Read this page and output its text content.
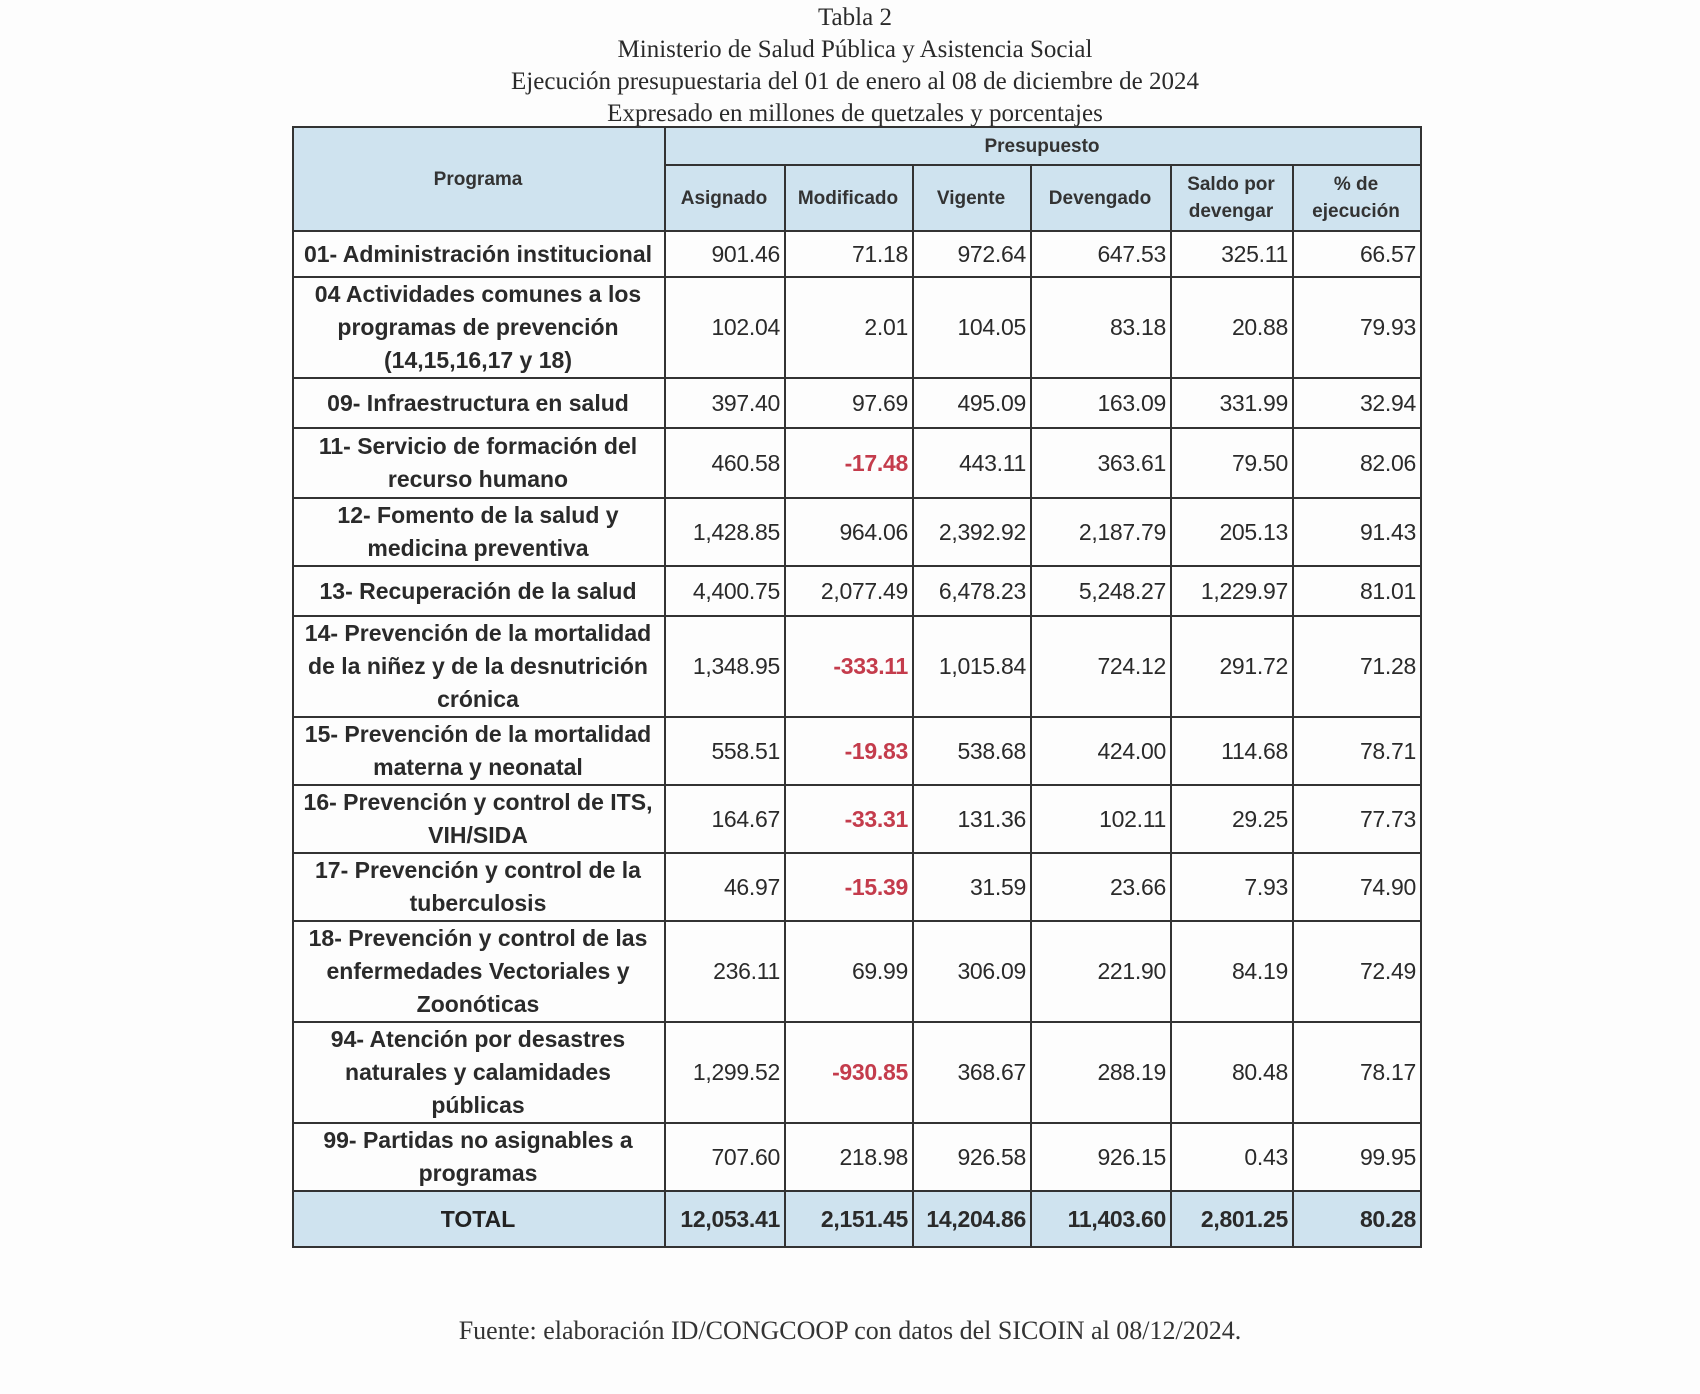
Tabla 2
Ministerio de Salud Pública y Asistencia Social
Ejecución presupuestaria del 01 de enero al 08 de diciembre de 2024
Expresado en millones de quetzales y porcentajes
Programa	Presupuesto					
	Asignado	Modificado	Vigente	Devengado	Saldo por devengar	% de ejecución
01- Administración institucional	901.46	71.18	972.64	647.53	325.11	66.57
04 Actividades comunes a los programas de prevención (14,15,16,17 y 18)	102.04	2.01	104.05	83.18	20.88	79.93
09- Infraestructura en salud	397.40	97.69	495.09	163.09	331.99	32.94
11- Servicio de formación del recurso humano	460.58	-17.48	443.11	363.61	79.50	82.06
12- Fomento de la salud y medicina preventiva	1,428.85	964.06	2,392.92	2,187.79	205.13	91.43
13- Recuperación de la salud	4,400.75	2,077.49	6,478.23	5,248.27	1,229.97	81.01
14- Prevención de la mortalidad de la niñez y de la desnutrición crónica	1,348.95	-333.11	1,015.84	724.12	291.72	71.28
15- Prevención de la mortalidad materna y neonatal	558.51	-19.83	538.68	424.00	114.68	78.71
16- Prevención y control de ITS, VIH/SIDA	164.67	-33.31	131.36	102.11	29.25	77.73
17- Prevención y control de la tuberculosis	46.97	-15.39	31.59	23.66	7.93	74.90
18- Prevención y control de las enfermedades Vectoriales y Zoonóticas	236.11	69.99	306.09	221.90	84.19	72.49
94- Atención por desastres naturales y calamidades públicas	1,299.52	-930.85	368.67	288.19	80.48	78.17
99- Partidas no asignables a programas	707.60	218.98	926.58	926.15	0.43	99.95
TOTAL	12,053.41	2,151.45	14,204.86	11,403.60	2,801.25	80.28
Fuente: elaboración ID/CONGCOOP con datos del SICOIN al 08/12/2024.
